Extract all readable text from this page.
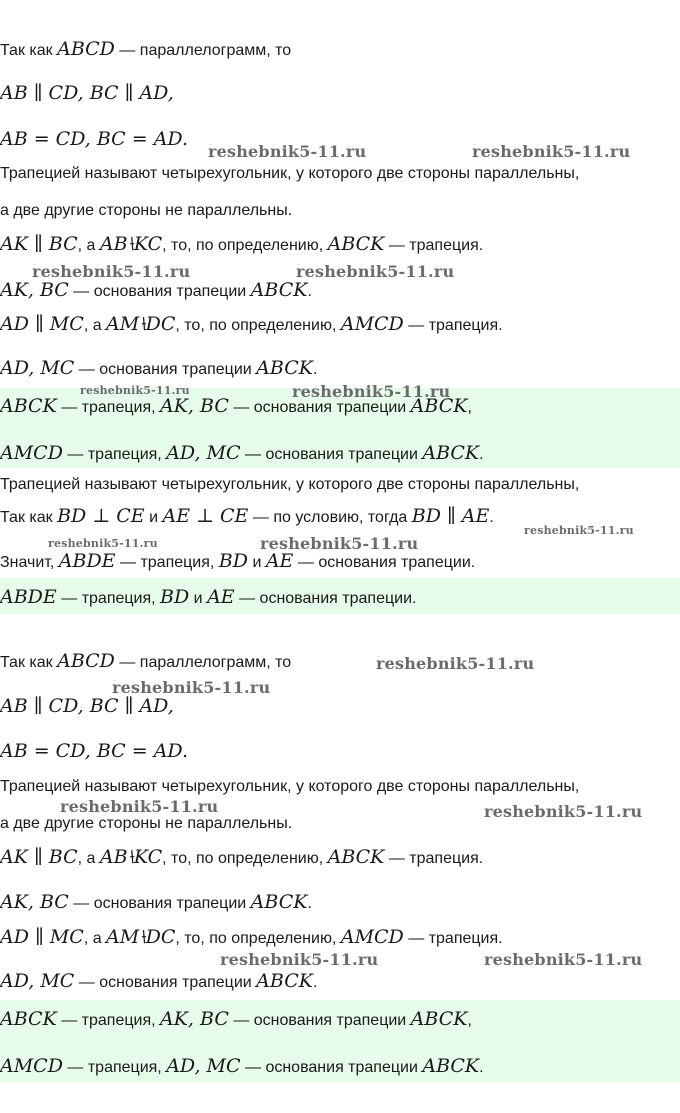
Так как ABCD — параллелограмм, то
AB ∥ CD, BC ∥ AD,
AB = CD, BC = AD.
Трапецией называют четырехугольник, у которого две стороны параллельны,
а две другие стороны не параллельны.
AK ∥ BC, а AB⧷KC, то, по определению, ABCK — трапеция.
AK, BC — основания трапеции ABCK.
AD ∥ MC, а AM⧷DC, то, по определению, AMCD — трапеция.
AD, MC — основания трапеции ABCK.
ABCK — трапеция, AK, BC — основания трапеции ABCK,
AMCD — трапеция, AD, MC — основания трапеции ABCK.
Трапецией называют четырехугольник, у которого две стороны параллельны,
Так как BD ⊥ CE и AE ⊥ CE — по условию, тогда BD ∥ AE.
Значит, ABDE — трапеция, BD и AE — основания трапеции.
ABDE — трапеция, BD и AE — основания трапеции.
Так как ABCD — параллелограмм, то
AB ∥ CD, BC ∥ AD,
AB = CD, BC = AD.
Трапецией называют четырехугольник, у которого две стороны параллельны,
а две другие стороны не параллельны.
AK ∥ BC, а AB⧷KC, то, по определению, ABCK — трапеция.
AK, BC — основания трапеции ABCK.
AD ∥ MC, а AM⧷DC, то, по определению, AMCD — трапеция.
AD, MC — основания трапеции ABCK.
ABCK — трапеция, AK, BC — основания трапеции ABCK,
AMCD — трапеция, AD, MC — основания трапеции ABCK.
reshebnik5-11.ru	reshebnik5-11.ru
reshebnik5-11.ru	reshebnik5-11.ru
reshebnik5-11.ru	reshebnik5-11.ru
reshebnik5-11.ru
reshebnik5-11.ru	reshebnik5-11.ru
reshebnik5-11.ru
reshebnik5-11.ru
reshebnik5-11.ru	reshebnik5-11.ru
reshebnik5-11.ru	reshebnik5-11.ru
